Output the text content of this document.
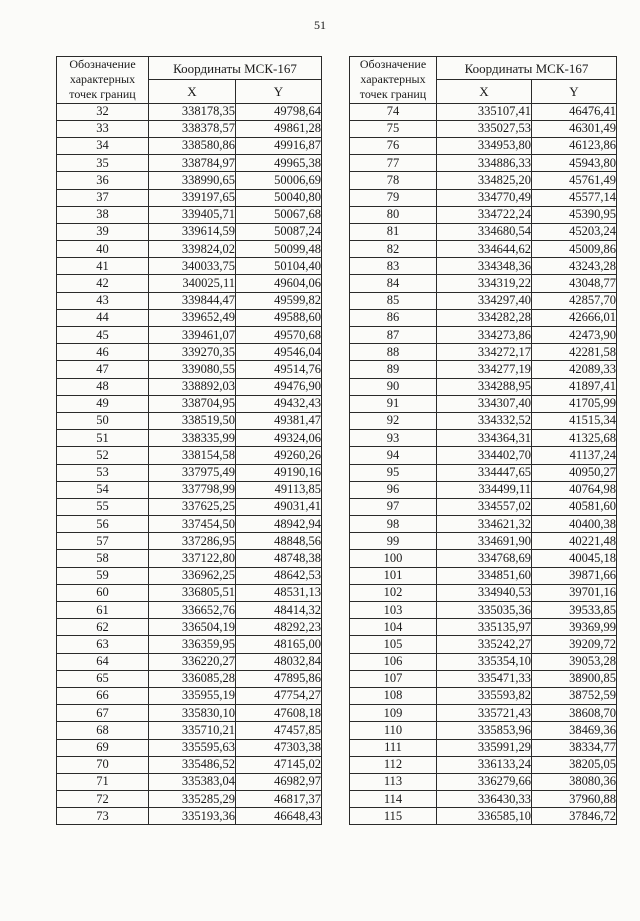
51
Обозначение
характерных
точек границ	Координаты МСК-167	
	X	Y
32	338178,35	49798,64
33	338378,57	49861,28
34	338580,86	49916,87
35	338784,97	49965,38
36	338990,65	50006,69
37	339197,65	50040,80
38	339405,71	50067,68
39	339614,59	50087,24
40	339824,02	50099,48
41	340033,75	50104,40
42	340025,11	49604,06
43	339844,47	49599,82
44	339652,49	49588,60
45	339461,07	49570,68
46	339270,35	49546,04
47	339080,55	49514,76
48	338892,03	49476,90
49	338704,95	49432,43
50	338519,50	49381,47
51	338335,99	49324,06
52	338154,58	49260,26
53	337975,49	49190,16
54	337798,99	49113,85
55	337625,25	49031,41
56	337454,50	48942,94
57	337286,95	48848,56
58	337122,80	48748,38
59	336962,25	48642,53
60	336805,51	48531,13
61	336652,76	48414,32
62	336504,19	48292,23
63	336359,95	48165,00
64	336220,27	48032,84
65	336085,28	47895,86
66	335955,19	47754,27
67	335830,10	47608,18
68	335710,21	47457,85
69	335595,63	47303,38
70	335486,52	47145,02
71	335383,04	46982,97
72	335285,29	46817,37
73	335193,36	46648,43
Обозначение
характерных
точек границ	Координаты МСК-167	
	X	Y
74	335107,41	46476,41
75	335027,53	46301,49
76	334953,80	46123,86
77	334886,33	45943,80
78	334825,20	45761,49
79	334770,49	45577,14
80	334722,24	45390,95
81	334680,54	45203,24
82	334644,62	45009,86
83	334348,36	43243,28
84	334319,22	43048,77
85	334297,40	42857,70
86	334282,28	42666,01
87	334273,86	42473,90
88	334272,17	42281,58
89	334277,19	42089,33
90	334288,95	41897,41
91	334307,40	41705,99
92	334332,52	41515,34
93	334364,31	41325,68
94	334402,70	41137,24
95	334447,65	40950,27
96	334499,11	40764,98
97	334557,02	40581,60
98	334621,32	40400,38
99	334691,90	40221,48
100	334768,69	40045,18
101	334851,60	39871,66
102	334940,53	39701,16
103	335035,36	39533,85
104	335135,97	39369,99
105	335242,27	39209,72
106	335354,10	39053,28
107	335471,33	38900,85
108	335593,82	38752,59
109	335721,43	38608,70
110	335853,96	38469,36
111	335991,29	38334,77
112	336133,24	38205,05
113	336279,66	38080,36
114	336430,33	37960,88
115	336585,10	37846,72
